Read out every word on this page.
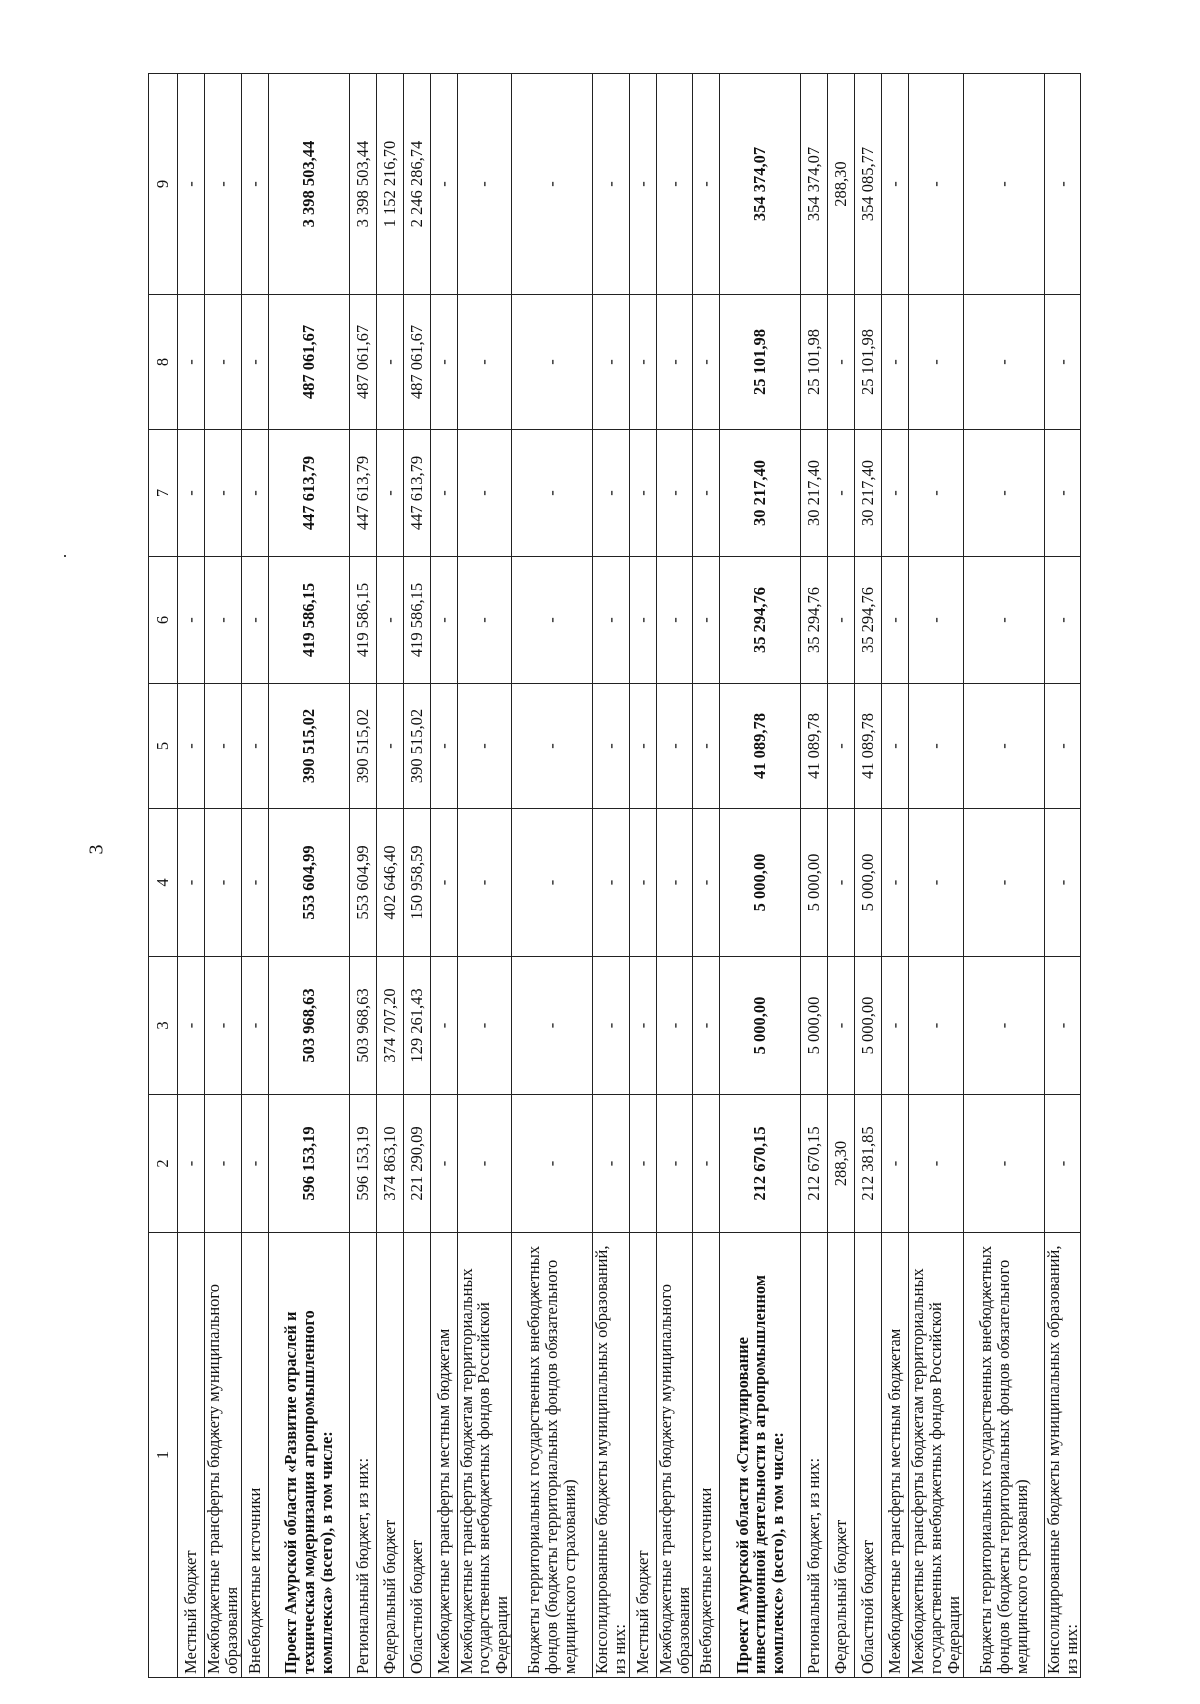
3
1	2	3	4	5	6	7	8	9
Местный бюджет	-	-	-	-	-	-	-	-
Межбюджетные трансферты бюджету муниципального образования	-	-	-	-	-	-	-	-
Внебюджетные источники	-	-	-	-	-	-	-	-
Проект Амурской области «Развитие отраслей и техническая модернизация агропромышленного комплекса» (всего), в том числе:	596 153,19	503 968,63	553 604,99	390 515,02	419 586,15	447 613,79	487 061,67	3 398 503,44
Региональный бюджет, из них:	596 153,19	503 968,63	553 604,99	390 515,02	419 586,15	447 613,79	487 061,67	3 398 503,44
Федеральный бюджет	374 863,10	374 707,20	402 646,40	-	-	-	-	1 152 216,70
Областной бюджет	221 290,09	129 261,43	150 958,59	390 515,02	419 586,15	447 613,79	487 061,67	2 246 286,74
Межбюджетные трансферты местным бюджетам	-	-	-	-	-	-	-	-
Межбюджетные трансферты бюджетам территориальных государственных внебюджетных фондов Российской Федерации	-	-	-	-	-	-	-	-
Бюджеты территориальных государственных внебюджетных фондов (бюджеты территориальных фондов обязательного медицинского страхования)	-	-	-	-	-	-	-	-
Консолидированные бюджеты муниципальных образований, из них:	-	-	-	-	-	-	-	-
Местный бюджет	-	-	-	-	-	-	-	-
Межбюджетные трансферты бюджету муниципального образования	-	-	-	-	-	-	-	-
Внебюджетные источники	-	-	-	-	-	-	-	-
Проект Амурской области «Стимулирование инвестиционной деятельности в агропромышленном комплексе» (всего), в том числе:	212 670,15	5 000,00	5 000,00	41 089,78	35 294,76	30 217,40	25 101,98	354 374,07
Региональный бюджет, из них:	212 670,15	5 000,00	5 000,00	41 089,78	35 294,76	30 217,40	25 101,98	354 374,07
Федеральный бюджет	288,30	-	-	-	-	-	-	288,30
Областной бюджет	212 381,85	5 000,00	5 000,00	41 089,78	35 294,76	30 217,40	25 101,98	354 085,77
Межбюджетные трансферты местным бюджетам	-	-	-	-	-	-	-	-
Межбюджетные трансферты бюджетам территориальных государственных внебюджетных фондов Российской Федерации	-	-	-	-	-	-	-	-
Бюджеты территориальных государственных внебюджетных фондов (бюджеты территориальных фондов обязательного медицинского страхования)	-	-	-	-	-	-	-	-
Консолидированные бюджеты муниципальных образований, из них:	-	-	-	-	-	-	-	-
